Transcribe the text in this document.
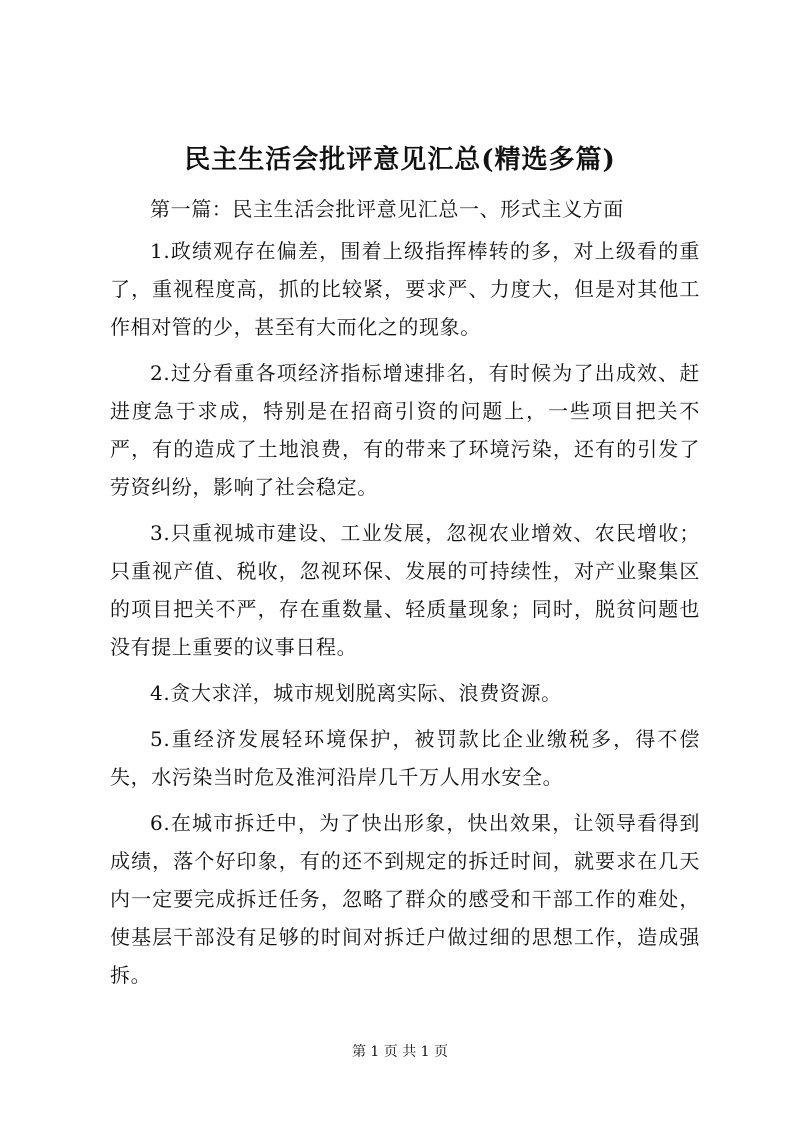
民主生活会批评意见汇总(精选多篇)

第一篇：民主生活会批评意见汇总一、形式主义方面

1.政绩观存在偏差，围着上级指挥棒转的多，对上级看的重了，重视程度高，抓的比较紧，要求严、力度大，但是对其他工作相对管的少，甚至有大而化之的现象。

2.过分看重各项经济指标增速排名，有时候为了出成效、赶进度急于求成，特别是在招商引资的问题上，一些项目把关不严，有的造成了土地浪费，有的带来了环境污染，还有的引发了劳资纠纷，影响了社会稳定。

3.只重视城市建设、工业发展，忽视农业增效、农民增收；只重视产值、税收，忽视环保、发展的可持续性，对产业聚集区的项目把关不严，存在重数量、轻质量现象；同时，脱贫问题也没有提上重要的议事日程。

4.贪大求洋，城市规划脱离实际、浪费资源。

5.重经济发展轻环境保护，被罚款比企业缴税多，得不偿失，水污染当时危及淮河沿岸几千万人用水安全。

6.在城市拆迁中，为了快出形象，快出效果，让领导看得到成绩，落个好印象，有的还不到规定的拆迁时间，就要求在几天内一定要完成拆迁任务，忽略了群众的感受和干部工作的难处，使基层干部没有足够的时间对拆迁户做过细的思想工作，造成强拆。

第 1 页 共 1 页
